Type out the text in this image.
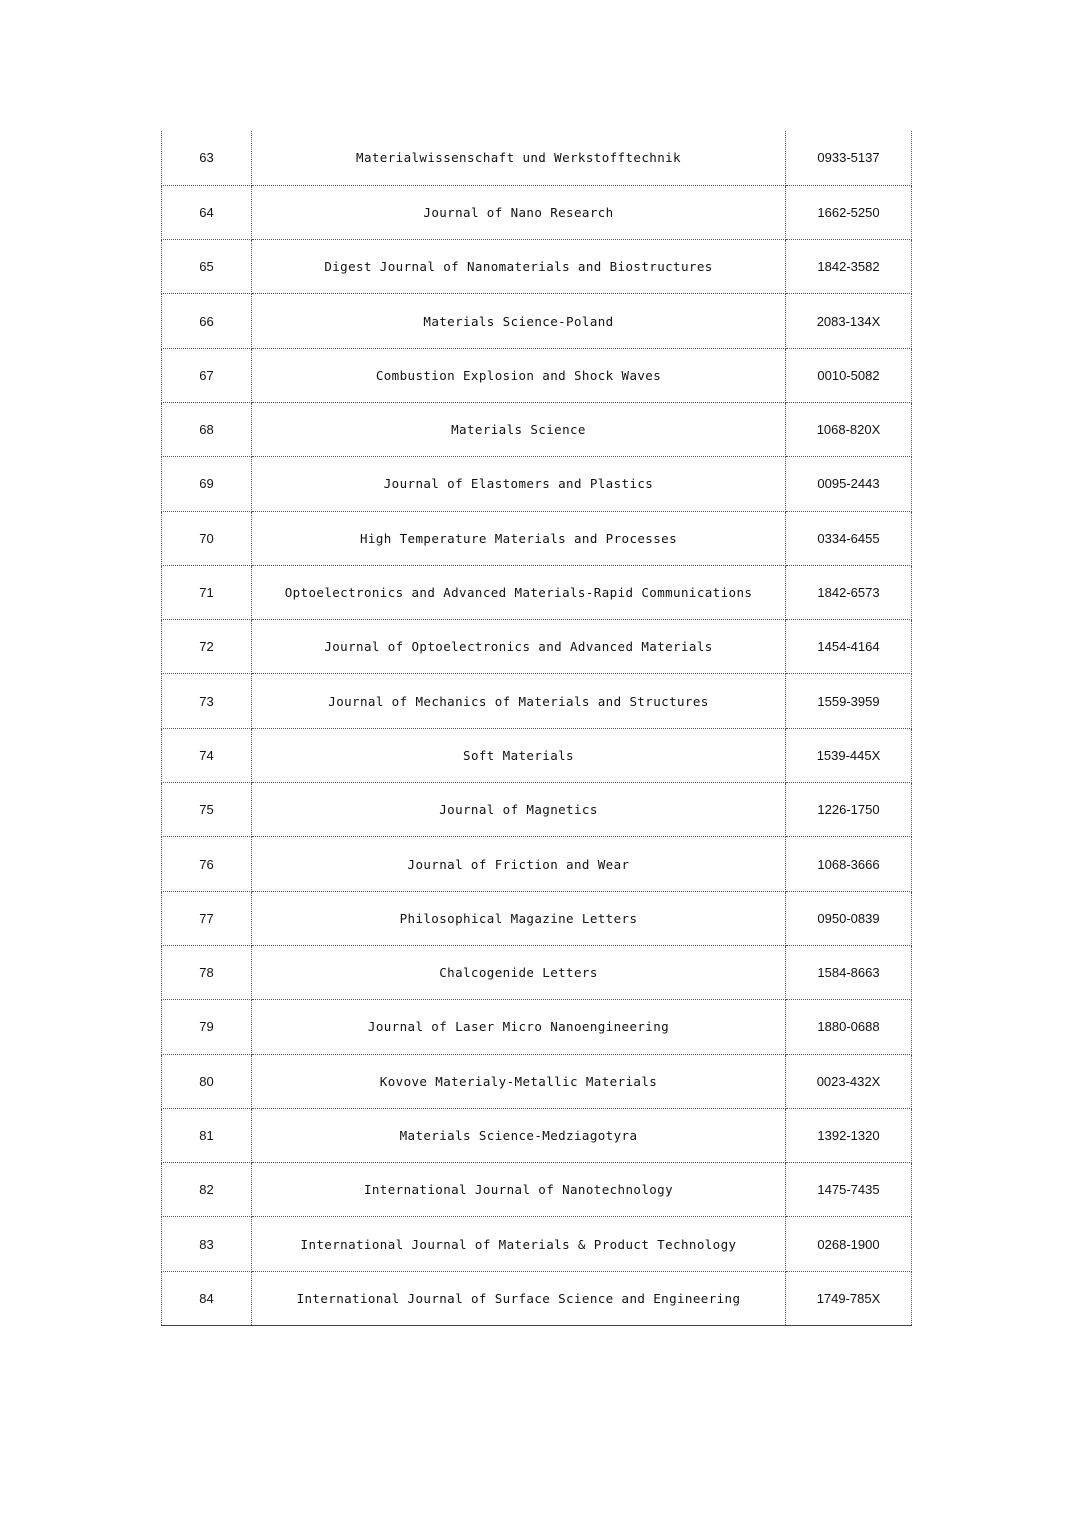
63	Materialwissenschaft und Werkstofftechnik	0933-5137
64	Journal of Nano Research	1662-5250
65	Digest Journal of Nanomaterials and Biostructures	1842-3582
66	Materials Science-Poland	2083-134X
67	Combustion Explosion and Shock Waves	0010-5082
68	Materials Science	1068-820X
69	Journal of Elastomers and Plastics	0095-2443
70	High Temperature Materials and Processes	0334-6455
71	Optoelectronics and Advanced Materials-Rapid Communications	1842-6573
72	Journal of Optoelectronics and Advanced Materials	1454-4164
73	Journal of Mechanics of Materials and Structures	1559-3959
74	Soft Materials	1539-445X
75	Journal of Magnetics	1226-1750
76	Journal of Friction and Wear	1068-3666
77	Philosophical Magazine Letters	0950-0839
78	Chalcogenide Letters	1584-8663
79	Journal of Laser Micro Nanoengineering	1880-0688
80	Kovove Materialy-Metallic Materials	0023-432X
81	Materials Science-Medziagotyra	1392-1320
82	International Journal of Nanotechnology	1475-7435
83	International Journal of Materials & Product Technology	0268-1900
84	International Journal of Surface Science and Engineering	1749-785X
